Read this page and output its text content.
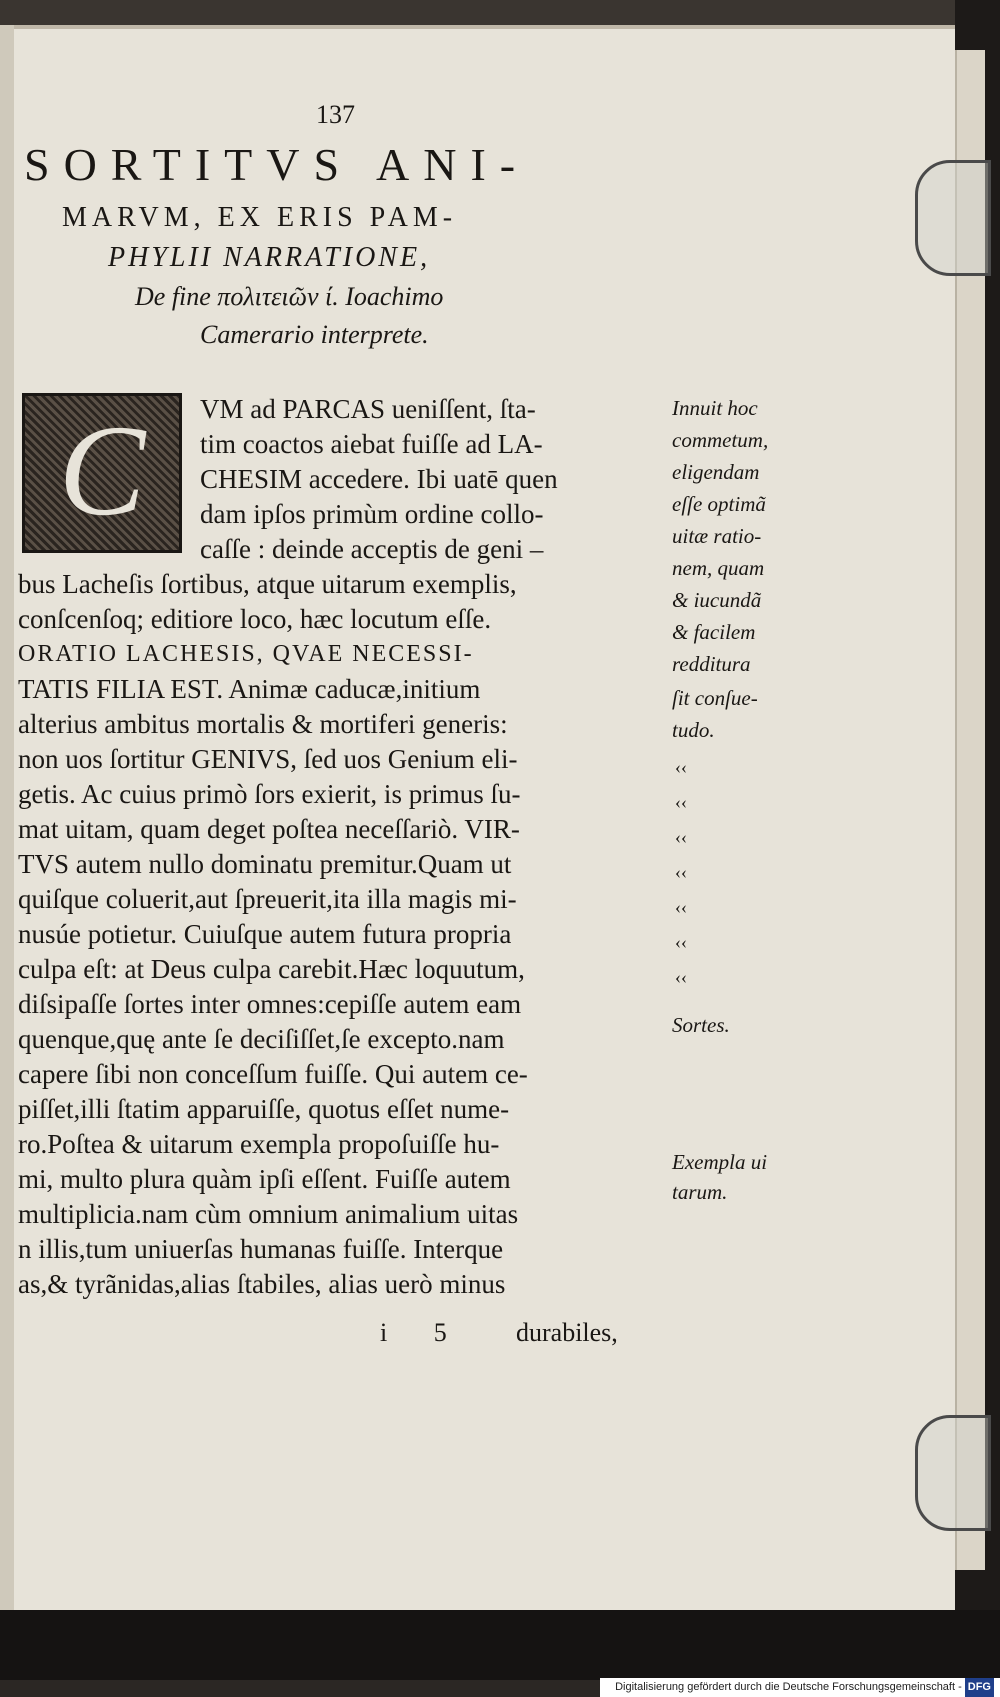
137
SORTITVS ANI-
MARVM, EX ERIS PAM-
PHYLII NARRATIONE,
De fine πολιτειῶν ί. Ioachimo
Camerario interprete.
C	VM ad PARCAS ueniſſent, ſta-
tim coactos aiebat fuiſſe ad LA-
CHESIM accedere. Ibi uatē quen
dam ipſos primùm ordine collo-
caſſe : deinde acceptis de geni –
bus Lacheſis ſortibus, atque uitarum exemplis,
conſcenſoq; editiore loco, hæc locutum eſſe.
ORATIO LACHESIS, QVAE NECESSI-
TATIS FILIA EST. Animæ caducæ,initium
alterius ambitus mortalis & mortiferi generis:
non uos ſortitur GENIVS, ſed uos Genium eli-
getis. Ac cuius primò ſors exierit, is primus ſu-
mat uitam, quam deget poſtea neceſſariò. VIR-
TVS autem nullo dominatu premitur.Quam ut
quiſque coluerit,aut ſpreuerit,ita illa magis mi-
nusúe potietur. Cuiuſque autem futura propria
culpa eſt: at Deus culpa carebit.Hæc loquutum,
diſsipaſſe ſortes inter omnes:cepiſſe autem eam
quenque,quę ante ſe deciſiſſet,ſe excepto.nam
capere ſibi non conceſſum fuiſſe. Qui autem ce-
piſſet,illi ſtatim apparuiſſe, quotus eſſet nume-
ro.Poſtea & uitarum exempla propoſuiſſe hu-
mi, multo plura quàm ipſi eſſent. Fuiſſe autem
multiplicia.nam cùm omnium animalium uitas
n illis,tum uniuerſas humanas fuiſſe. Interque
as,& tyrãnidas,alias ſtabiles, alias uerò minus
Innuit hoc
commetum,
eligendam
eſſe optimã
uitæ ratio-
nem, quam
& iucundã
& facilem
redditura
ſit conſue-
tudo.
‹‹
‹‹
‹‹
‹‹
‹‹
‹‹
‹‹
Sortes.
Exempla ui
tarum.
i 5 durabiles,
Digitalisierung gefördert durch die Deutsche Forschungsgemeinschaft - DFG
